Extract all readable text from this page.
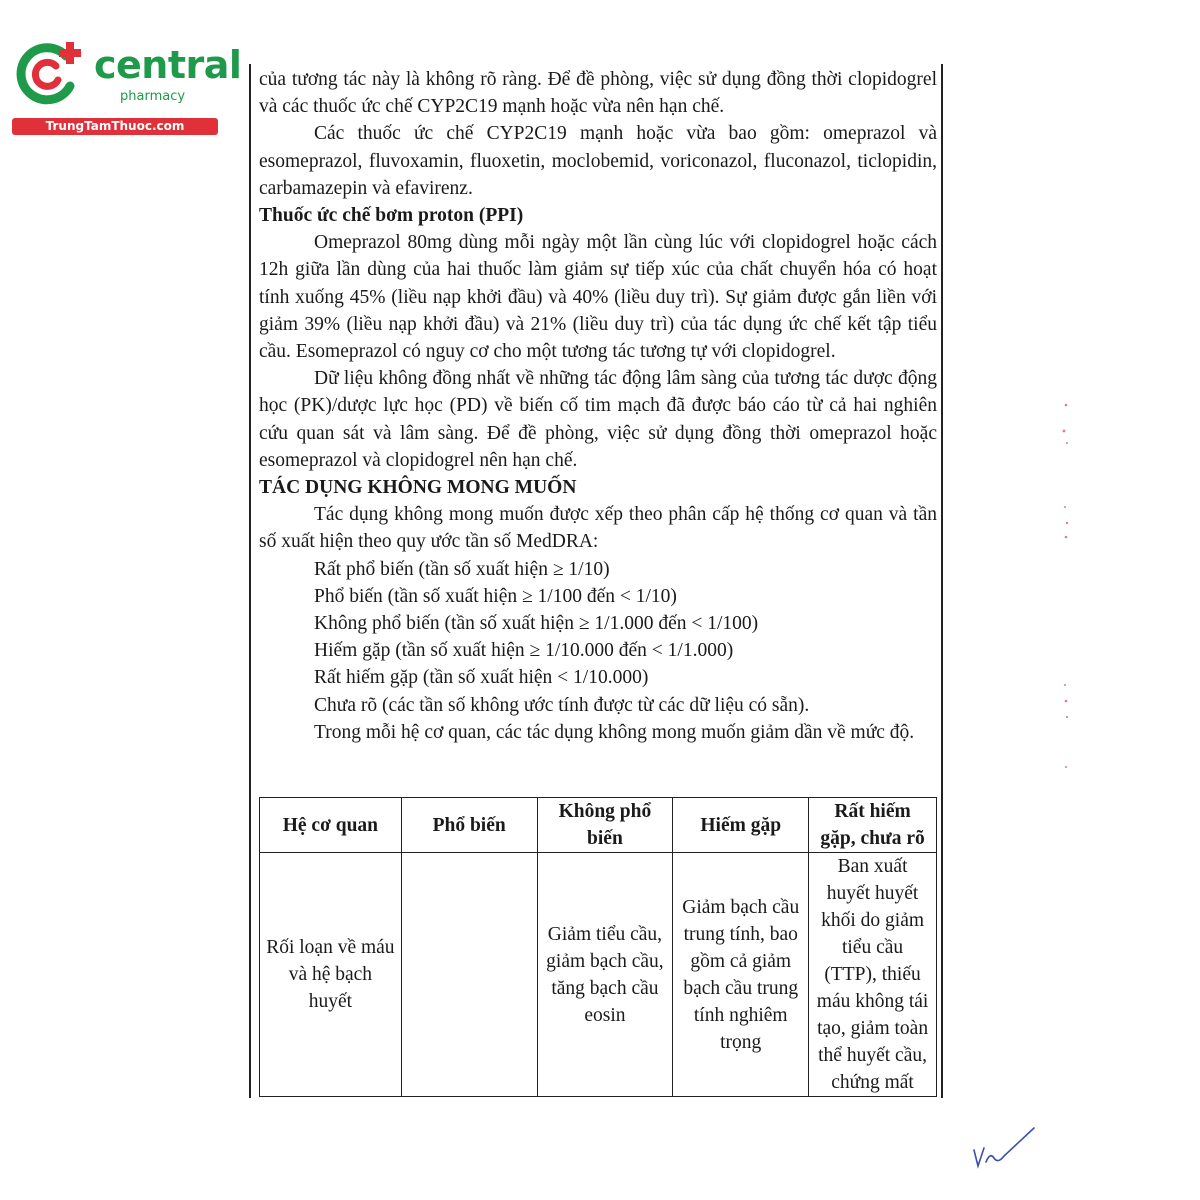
central
pharmacy
TrungTamThuoc.com

của tương tác này là không rõ ràng. Để đề phòng, việc sử dụng đồng thời clopidogrel và các thuốc ức chế CYP2C19 mạnh hoặc vừa nên hạn chế.

Các thuốc ức chế CYP2C19 mạnh hoặc vừa bao gồm: omeprazol và esomeprazol, fluvoxamin, fluoxetin, moclobemid, voriconazol, fluconazol, ticlopidin, carbamazepin và efavirenz.

Thuốc ức chế bơm proton (PPI)

Omeprazol 80mg dùng mỗi ngày một lần cùng lúc với clopidogrel hoặc cách 12h giữa lần dùng của hai thuốc làm giảm sự tiếp xúc của chất chuyển hóa có hoạt tính xuống 45% (liều nạp khởi đầu) và 40% (liều duy trì). Sự giảm được gắn liền với giảm 39% (liều nạp khởi đầu) và 21% (liều duy trì) của tác dụng ức chế kết tập tiểu cầu. Esomeprazol có nguy cơ cho một tương tác tương tự với clopidogrel.

Dữ liệu không đồng nhất về những tác động lâm sàng của tương tác dược động học (PK)/dược lực học (PD) về biến cố tim mạch đã được báo cáo từ cả hai nghiên cứu quan sát và lâm sàng. Để đề phòng, việc sử dụng đồng thời omeprazol hoặc esomeprazol và clopidogrel nên hạn chế.

TÁC DỤNG KHÔNG MONG MUỐN

Tác dụng không mong muốn được xếp theo phân cấp hệ thống cơ quan và tần số xuất hiện theo quy ước tần số MedDRA:

Rất phổ biến (tần số xuất hiện ≥ 1/10)

Phổ biến (tần số xuất hiện ≥ 1/100 đến < 1/10)

Không phổ biến (tần số xuất hiện ≥ 1/1.000 đến < 1/100)

Hiếm gặp (tần số xuất hiện ≥ 1/10.000 đến < 1/1.000)

Rất hiếm gặp (tần số xuất hiện < 1/10.000)

Chưa rõ (các tần số không ước tính được từ các dữ liệu có sẵn).

Trong mỗi hệ cơ quan, các tác dụng không mong muốn giảm dần về mức độ.

Hệ cơ quan	Phổ biến	Không phổ biến	Hiếm gặp	Rất hiếm gặp, chưa rõ
Rối loạn về máu và hệ bạch huyết		Giảm tiểu cầu, giảm bạch cầu, tăng bạch cầu eosin	Giảm bạch cầu trung tính, bao gồm cả giảm bạch cầu trung tính nghiêm trọng	Ban xuất huyết huyết khối do giảm tiểu cầu (TTP), thiếu máu không tái tạo, giảm toàn thể huyết cầu, chứng mất
